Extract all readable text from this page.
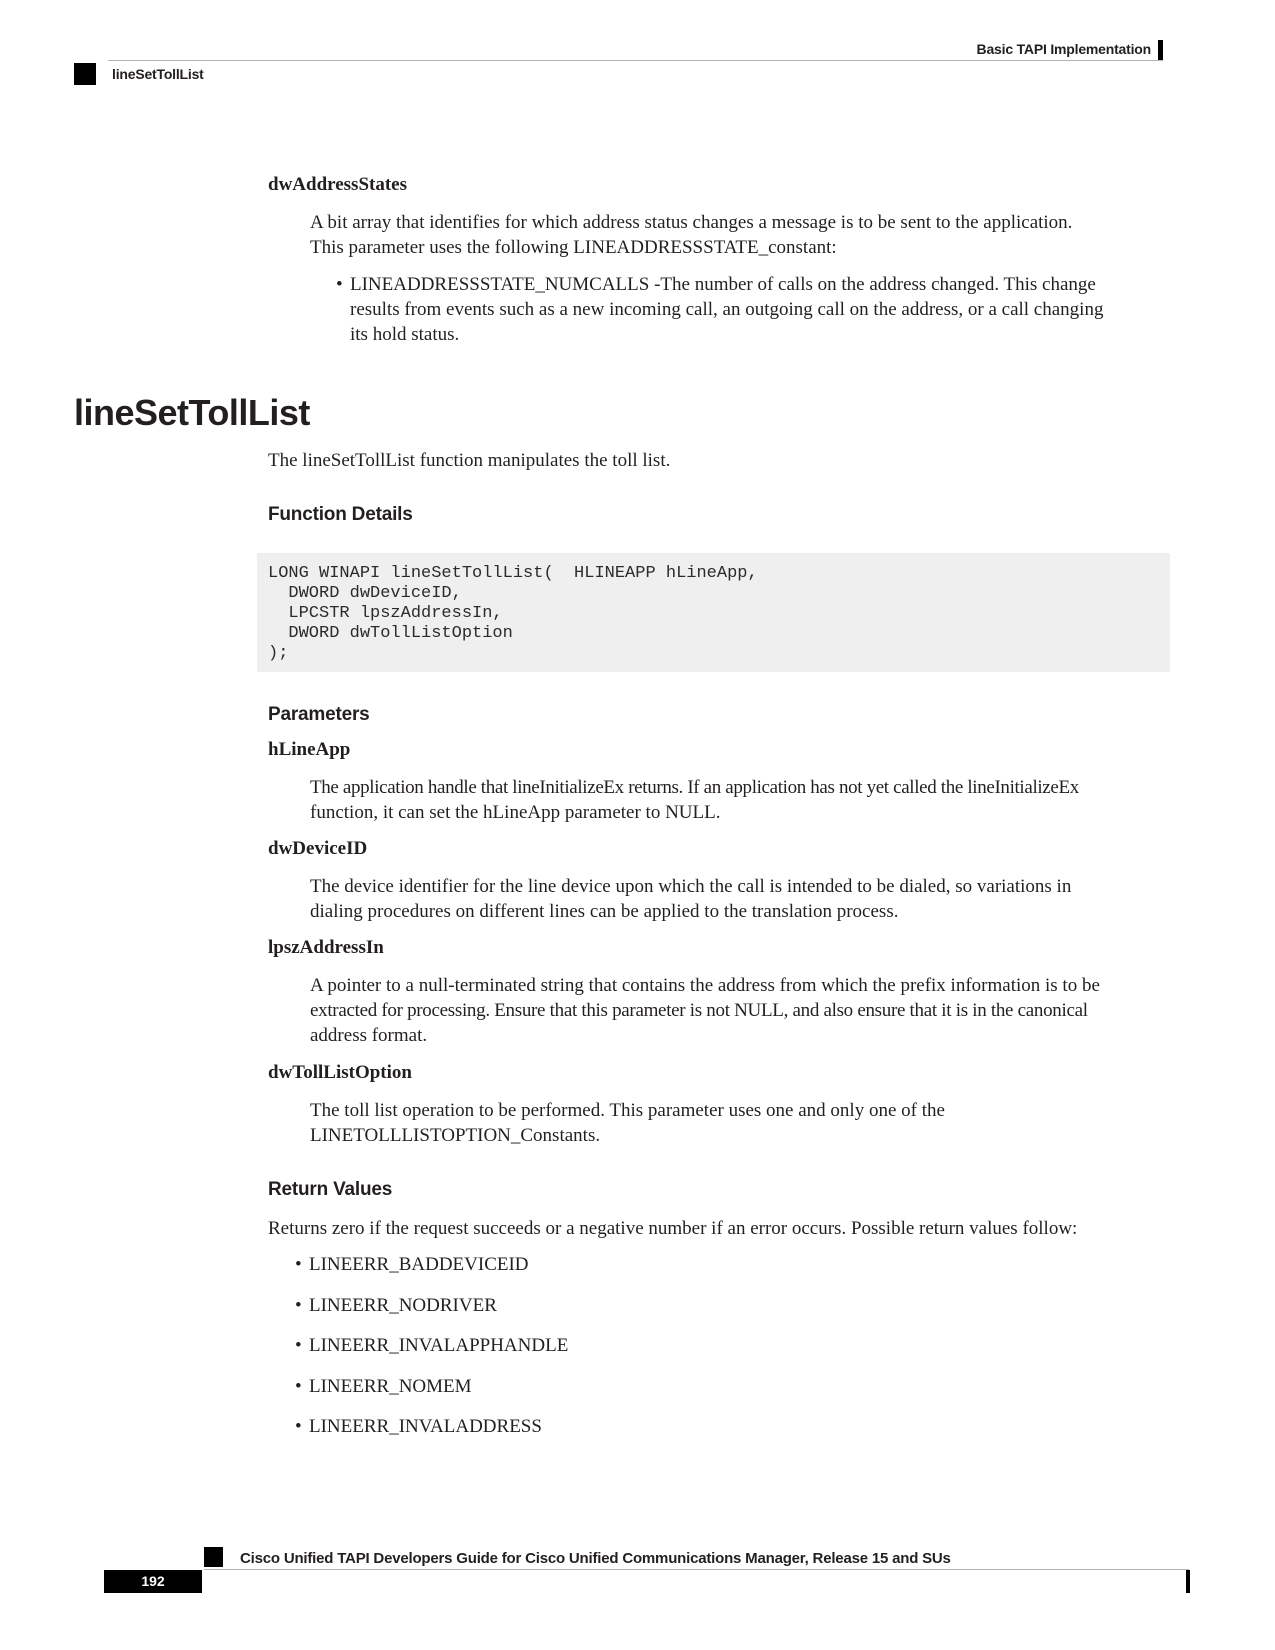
Basic TAPI Implementation
lineSetTollList
dwAddressStates
A bit array that identifies for which address status changes a message is to be sent to the application.
This parameter uses the following LINEADDRESSSTATE_constant:
• LINEADDRESSSTATE_NUMCALLS -The number of calls on the address changed. This change
results from events such as a new incoming call, an outgoing call on the address, or a call changing
its hold status.
lineSetTollList
The lineSetTollList function manipulates the toll list.
Function Details
LONG WINAPI lineSetTollList(  HLINEAPP hLineApp,
DWORD dwDeviceID,
LPCSTR lpszAddressIn,
DWORD dwTollListOption
);
Parameters
hLineApp
The application handle that lineInitializeEx returns. If an application has not yet called the lineInitializeEx
function, it can set the hLineApp parameter to NULL.
dwDeviceID
The device identifier for the line device upon which the call is intended to be dialed, so variations in
dialing procedures on different lines can be applied to the translation process.
lpszAddressIn
A pointer to a null-terminated string that contains the address from which the prefix information is to be
extracted for processing. Ensure that this parameter is not NULL, and also ensure that it is in the canonical
address format.
dwTollListOption
The toll list operation to be performed. This parameter uses one and only one of the
LINETOLLLISTOPTION_Constants.
Return Values
Returns zero if the request succeeds or a negative number if an error occurs. Possible return values follow:
• LINEERR_BADDEVICEID
• LINEERR_NODRIVER
• LINEERR_INVALAPPHANDLE
• LINEERR_NOMEM
• LINEERR_INVALADDRESS
Cisco Unified TAPI Developers Guide for Cisco Unified Communications Manager, Release 15 and SUs
192
